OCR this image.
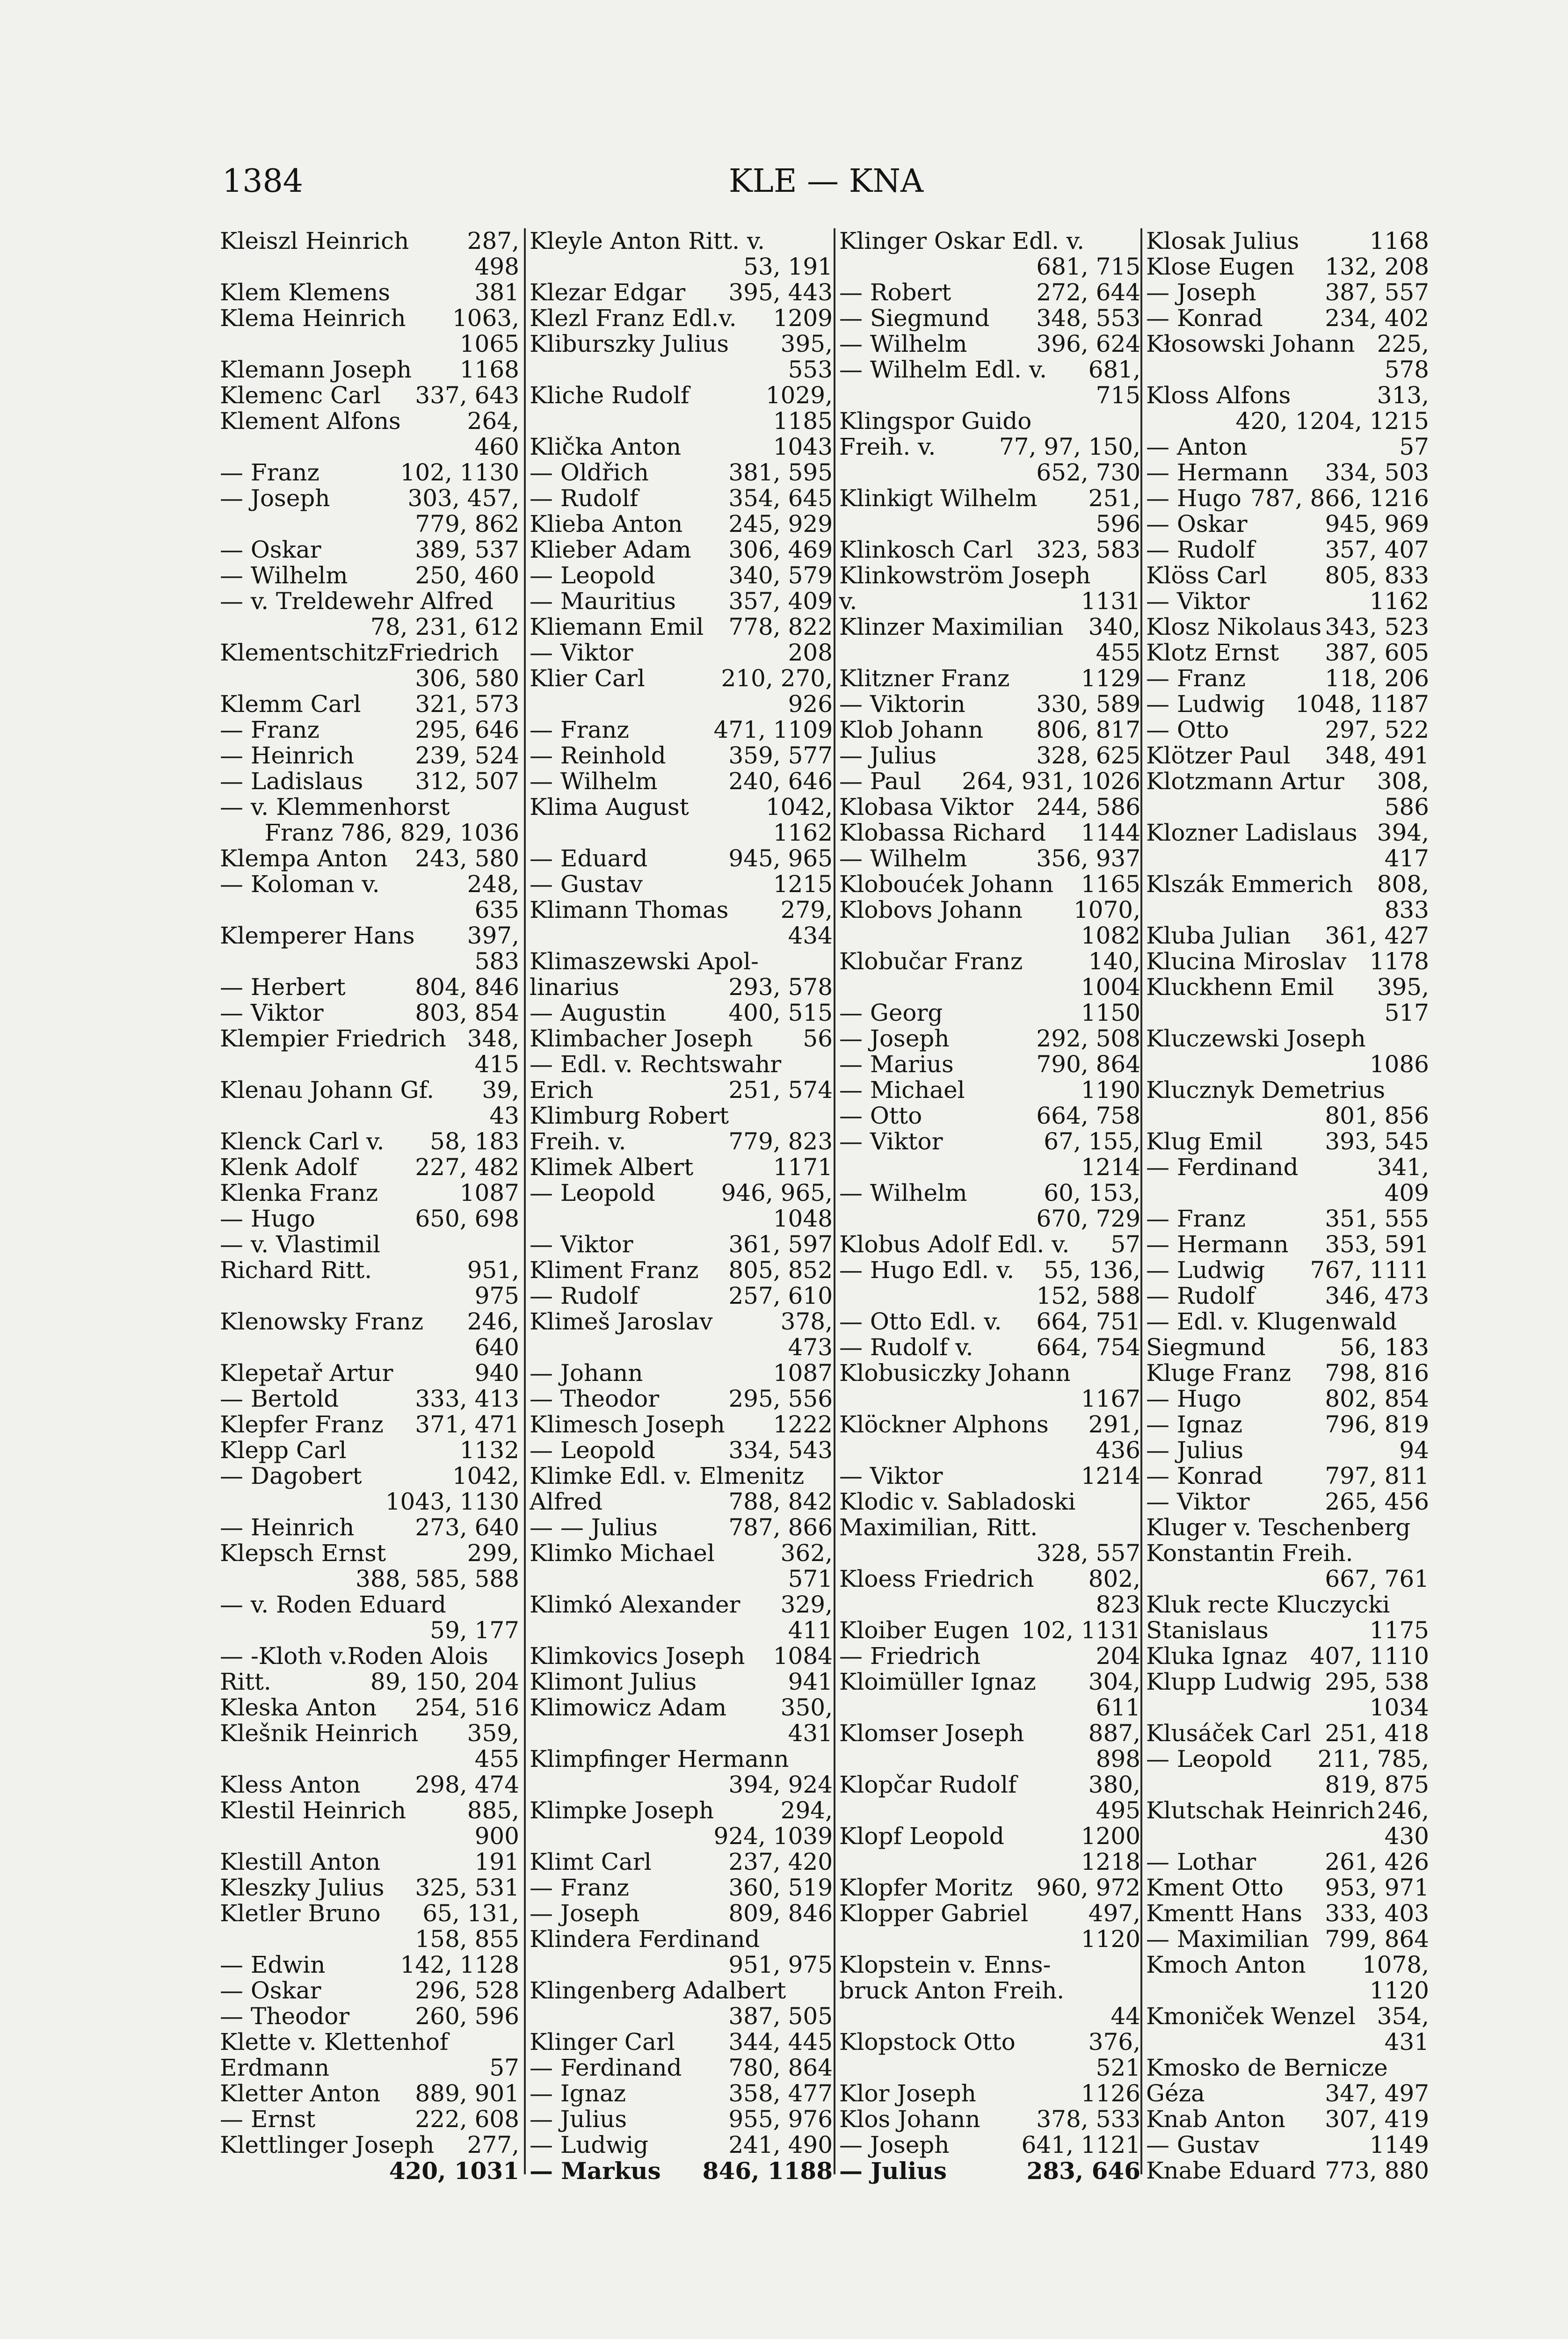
1384	KLE — KNA
Kleiszl Heinrich 287,
498
Klem Klemens	381
Klema Heinrich 1063,
1065
Klemann Joseph 1168
Klemenc Carl 337, 643
Klement Alfons	264,
460
— Franz	102, 1130
— Joseph	303, 457,
779, 862
— Oskar	389, 537
— Wilhelm	250, 460
— v. Treldewehr Alfred
78, 231, 612
KlementschitzFriedrich
306, 580
Klemm Carl 321, 573
— Franz	295, 646
— Heinrich	239, 524
— Ladislaus 312, 507
— v. Klemmenhorst
Franz 786, 829, 1036
Klempa Anton 243, 580
— Koloman v.	248,
635
Klemperer Hans 397,
583
— Herbert	804, 846
— Viktor	803, 854
Klempier Friedrich 348,
415
Klenau Johann Gf. 39,
43
Klenck Carl v. 58, 183
Klenk Adolf 227, 482
Klenka Franz	1087
— Hugo	650, 698
— v. Vlastimil
Richard Ritt.	951,
975
Klenowsky Franz 246,
640
Klepetař Artur	940
— Bertold	333, 413
Klepfer Franz 371, 471
Klepp Carl	1132
— Dagobert	1042,
1043, 1130
— Heinrich	273, 640
Klepsch Ernst	299,
388, 585, 588
— v. Roden Eduard
59, 177
— -Kloth v.Roden Alois
Ritt.	89, 150, 204
Kleska Anton 254, 516
Klešnik Heinrich 359,
455
Kless Anton 298, 474
Klestil Heinrich	885,
900
Klestill Anton	191
Kleszky Julius 325, 531
Kletler Bruno 65, 131,
158, 855
— Edwin	142, 1128
— Oskar	296, 528
— Theodor	260, 596
Klette v. Klettenhof
Erdmann	57
Kletter Anton 889, 901
— Ernst	222, 608
Klettlinger Joseph 277,
420, 1031
Kleyle Anton Ritt. v.
53, 191
Klezar Edgar 395, 443
Klezl Franz Edl.v. 1209
Kliburszky Julius 395,
553
Kliche Rudolf	1029,
1185
Klička Anton	1043
— Oldřich	381, 595
— Rudolf	354, 645
Klieba Anton 245, 929
Klieber Adam 306, 469
— Leopold	340, 579
— Mauritius 357, 409
Kliemann Emil 778, 822
— Viktor	208
Klier Carl	210, 270,
926
— Franz	471, 1109
— Reinhold	359, 577
— Wilhelm	240, 646
Klima August	1042,
1162
— Eduard	945, 965
— Gustav	1215
Klimann Thomas 279,
434
Klimaszewski Apol-
linarius	293, 578
— Augustin	400, 515
Klimbacher Joseph 56
— Edl. v. Rechtswahr
Erich	251, 574
Klimburg Robert
Freih. v.	779, 823
Klimek Albert	1171
— Leopold	946, 965,
1048
— Viktor	361, 597
Kliment Franz 805, 852
— Rudolf	257, 610
Klimeš Jaroslav	378,
473
— Johann	1087
— Theodor	295, 556
Klimesch Joseph 1222
— Leopold	334, 543
Klimke Edl. v. Elmenitz
Alfred	788, 842
— — Julius	787, 866
Klimko Michael	362,
571
Klimkó Alexander 329,
411
Klimkovics Joseph 1084
Klimont Julius	941
Klimowicz Adam 350,
431
Klimpfinger Hermann
394, 924
Klimpke Joseph	294,
924, 1039
Klimt Carl	237, 420
— Franz	360, 519
— Joseph	809, 846
Klindera Ferdinand
951, 975
Klingenberg Adalbert
387, 505
Klinger Carl 344, 445
— Ferdinand 780, 864
— Ignaz	358, 477
— Julius	955, 976
— Ludwig	241, 490
— Markus 846, 1188
Klinger Oskar Edl. v.
681, 715
— Robert	272, 644
— Siegmund 348, 553
— Wilhelm	396, 624
— Wilhelm Edl. v. 681,
715
Klingspor Guido
Freih. v.	77, 97, 150,
652, 730
Klinkigt Wilhelm 251,
596
Klinkosch Carl 323, 583
Klinkowström Joseph
v.	1131
Klinzer Maximilian 340,
455
Klitzner Franz	1129
— Viktorin	330, 589
Klob Johann 806, 817
— Julius	328, 625
— Paul 264, 931, 1026
Klobasa Viktor 244, 586
Klobassa Richard 1144
— Wilhelm	356, 937
Kloboućek Johann 1165
Klobovs Johann 1070,
1082
Klobučar Franz	140,
1004
— Georg	1150
— Joseph	292, 508
— Marius	790, 864
— Michael	1190
— Otto	664, 758
— Viktor	67, 155,
1214
— Wilhelm	60, 153,
670, 729
Klobus Adolf Edl. v. 57
— Hugo Edl. v. 55, 136,
152, 588
— Otto Edl. v. 664, 751
— Rudolf v.	664, 754
Klobusiczky Johann
1167
Klöckner Alphons 291,
436
— Viktor	1214
Klodic v. Sabladoski
Maximilian, Ritt.
328, 557
Kloess Friedrich 802,
823
Kloiber Eugen 102, 1131
— Friedrich	204
Kloimüller Ignaz 304,
611
Klomser Joseph	887,
898
Klopčar Rudolf	380,
495
Klopf Leopold	1200
1218
Klopfer Moritz 960, 972
Klopper Gabriel	497,
1120
Klopstein v. Enns-
bruck Anton Freih.
44
Klopstock Otto	376,
521
Klor Joseph	1126
Klos Johann 378, 533
— Joseph	641, 1121
— Julius	283, 646
Klosak Julius	1168
Klose Eugen 132, 208
— Joseph	387, 557
— Konrad	234, 402
Kłosowski Johann 225,
578
Kloss Alfons	313,
420, 1204, 1215
— Anton	57
— Hermann 334, 503
— Hugo 787, 866, 1216
— Oskar	945, 969
— Rudolf	357, 407
Klöss Carl 805, 833
— Viktor	1162
Klosz Nikolaus 343, 523
Klotz Ernst 387, 605
— Franz	118, 206
— Ludwig 1048, 1187
— Otto	297, 522
Klötzer Paul 348, 491
Klotzmann Artur 308,
586
Klozner Ladislaus 394,
417
Klszák Emmerich 808,
833
Kluba Julian 361, 427
Klucina Miroslav 1178
Kluckhenn Emil 395,
517
Kluczewski Joseph
1086
Klucznyk Demetrius
801, 856
Klug Emil	393, 545
— Ferdinand	341,
409
— Franz	351, 555
— Hermann 353, 591
— Ludwig 767, 1111
— Rudolf	346, 473
— Edl. v. Klugenwald
Siegmund	56, 183
Kluge Franz 798, 816
— Hugo	802, 854
— Ignaz	796, 819
— Julius	94
— Konrad	797, 811
— Viktor	265, 456
Kluger v. Teschenberg
Konstantin Freih.
667, 761
Kluk recte Kluczycki
Stanislaus	1175
Kluka Ignaz 407, 1110
Klupp Ludwig 295, 538
1034
Klusáček Carl 251, 418
— Leopold 211, 785,
819, 875
Klutschak Heinrich 246,
430
— Lothar	261, 426
Kment Otto 953, 971
Kmentt Hans 333, 403
— Maximilian 799, 864
Kmoch Anton 1078,
1120
Kmoniček Wenzel 354,
431
Kmosko de Bernicze
Géza	347, 497
Knab Anton 307, 419
— Gustav	1149
Knabe Eduard 773, 880
